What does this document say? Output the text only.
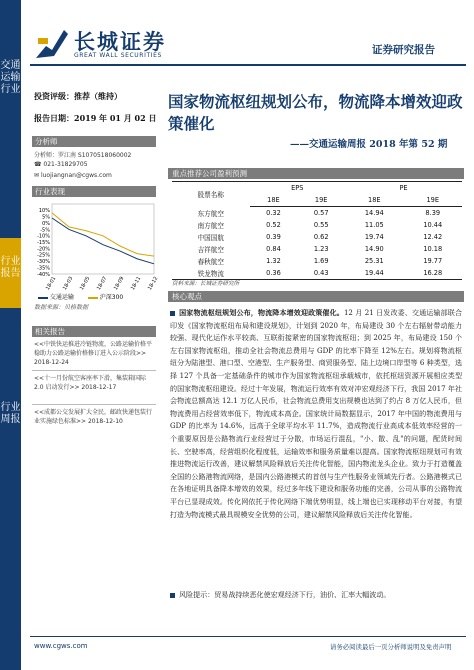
交通运输行业
行业报告
行业周报
长城证券
GREAT WALL SECURITIES	证券研究报告
投资评级：推荐（维持）
报告日期：2019 年 01 月 02 日
分析师
分析师：罗江南 S1070518060002
☎ 021-31829705
✉ luojiangnan@cgws.com
行业表现
10%
5%
0%
-5%
-10%
-15%
-20%
-25%
-30%
-35%
-40%
18-01 18-03 18-05 18-07 18-09 18-11 18-12
交通运输	沪深300
数据来源：贝格数据
相关报告
<<中铁快运推进冷链物流，公路运输价格平稳助力公路运输价格修订进入公示阶段>> 2018-12-24
<<十一月份航空客座率下滑，集装箱国际2.0 启动发行>> 2018-12-17
<<成都公交发展扩大全民，邮政快递包装行业实施绿色标准>> 2018-12-10
国家物流枢纽规划公布，物流降本增效迎政策催化
——交通运输周报 2018 年第 52 期
重点推荐公司盈利预测
股票名称	EPS		PE	
	18E	19E	18E	19E
东方航空	0.32	0.57	14.94	8.39
南方航空	0.52	0.55	11.05	10.44
中国国航	0.39	0.62	19.74	12.42
吉祥航空	0.84	1.23	14.90	10.18
春秋航空	1.32	1.69	25.31	19.77
铁龙物流	0.36	0.43	19.44	16.28
资料来源：长城证券研究所
核心观点
国家物流枢纽规划公布，物流降本增效迎政策催化。12 月 21 日发改委、交通运输部联合印发《国家物流枢纽布局和建设规划》，计划到 2020 年，布局建设 30 个左右辐射带动能力较强、现代化运作水平较高、互联衔接紧密的国家物流枢纽；到 2025 年，布局建设 150 个左右国家物流枢纽，推动全社会物流总费用与 GDP 的比率下降至 12%左右。规划将物流枢纽分为陆港型、港口型、空港型、生产服务型、商贸服务型、陆上边境口岸型等 6 种类型，选择 127 个具备一定基础条件的城市作为国家物流枢纽承载城市，依托枢纽资源开展相应类型的国家物流枢纽建设。经过十年发展，物流运行效率有效对冲宏观经济下行，我国 2017 年社会物流总额高达 12.1 万亿人民币，社会物流总费用支出规模也达到了约占 8 万亿人民币，但物流费用占经营效率低下，物流成本高企。国家统计局数据显示，2017 年中国的物流费用与 GDP 的比率为 14.6%，远高于全球平均水平 11.7%，造成物流行业高成本低效率经营的一个重要原因是公路物流行业经营过于分散，市场运行混乱，"小、散、乱"的问题，配货时间长、空驶率高，经营组织化程度低，运输效率和服务质量难以提高。国家物流枢纽规划可有效推进物流运行改善，建议解禁风险释放后关注传化智能，国内物流龙头企业。致力于打造覆盖全国的公路港物流网络，是国内公路港模式的首创与生产性服务业领域先行者。公路港模式已在各地证明具备降本增效的效果，经过多年线下建设和服务功能的完善，公司从事的公路物流平台已显现成效。传化网依托于传化网络下端优势明显，线上端也已实现移动平台对接，有望打造为物流模式最具规模安全优势的公司，建议解禁风险释放后关注传化智能。
风险提示：贸易战持续恶化使宏观经济下行，油价、汇率大幅波动。
www.cgws.com	请务必阅读最后一页分析师说明及免责声明
